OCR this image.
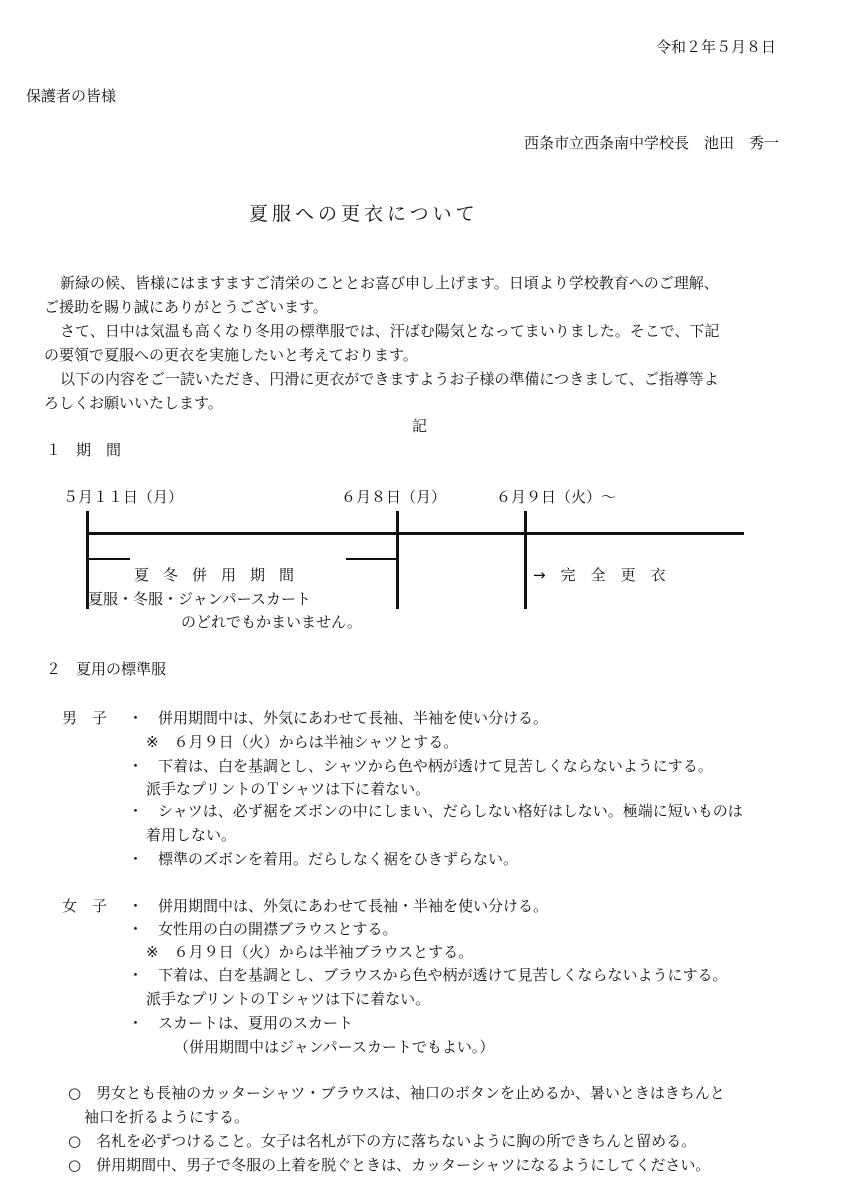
令和２年５月８日
保護者の皆様
西条市立西条南中学校長　池田　秀一
夏服への更衣について
新緑の候、皆様にはますますご清栄のこととお喜び申し上げます。日頃より学校教育へのご理解、
ご援助を賜り誠にありがとうございます。
さて、日中は気温も高くなり冬用の標準服では、汗ばむ陽気となってまいりました。そこで、下記
の要領で夏服への更衣を実施したいと考えております。
以下の内容をご一読いただき、円滑に更衣ができますようお子様の準備につきまして、ご指導等よ
ろしくお願いいたします。
記
１　期　間
５月１１日（月）	６月８日（月）	６月９日（火）～
夏冬併用期間
夏服・冬服・ジャンパースカート
のどれでもかまいません。
→　完　全　更　衣
２　夏用の標準服
男　子 ・　併用期間中は、外気にあわせて長袖、半袖を使い分ける。
※　６月９日（火）からは半袖シャツとする。
・　下着は、白を基調とし、シャツから色や柄が透けて見苦しくならないようにする。
派手なプリントのＴシャツは下に着ない。
・　シャツは、必ず裾をズボンの中にしまい、だらしない格好はしない。極端に短いものは
着用しない。
・　標準のズボンを着用。だらしなく裾をひきずらない。
女　子 ・　併用期間中は、外気にあわせて長袖・半袖を使い分ける。
・　女性用の白の開襟ブラウスとする。
※　６月９日（火）からは半袖ブラウスとする。
・　下着は、白を基調とし、ブラウスから色や柄が透けて見苦しくならないようにする。
派手なプリントのＴシャツは下に着ない。
・　スカートは、夏用のスカート
（併用期間中はジャンパースカートでもよい。）
○　男女とも長袖のカッターシャツ・ブラウスは、袖口のボタンを止めるか、暑いときはきちんと
袖口を折るようにする。
○　名札を必ずつけること。女子は名札が下の方に落ちないように胸の所できちんと留める。
○　併用期間中、男子で冬服の上着を脱ぐときは、カッターシャツになるようにしてください。
